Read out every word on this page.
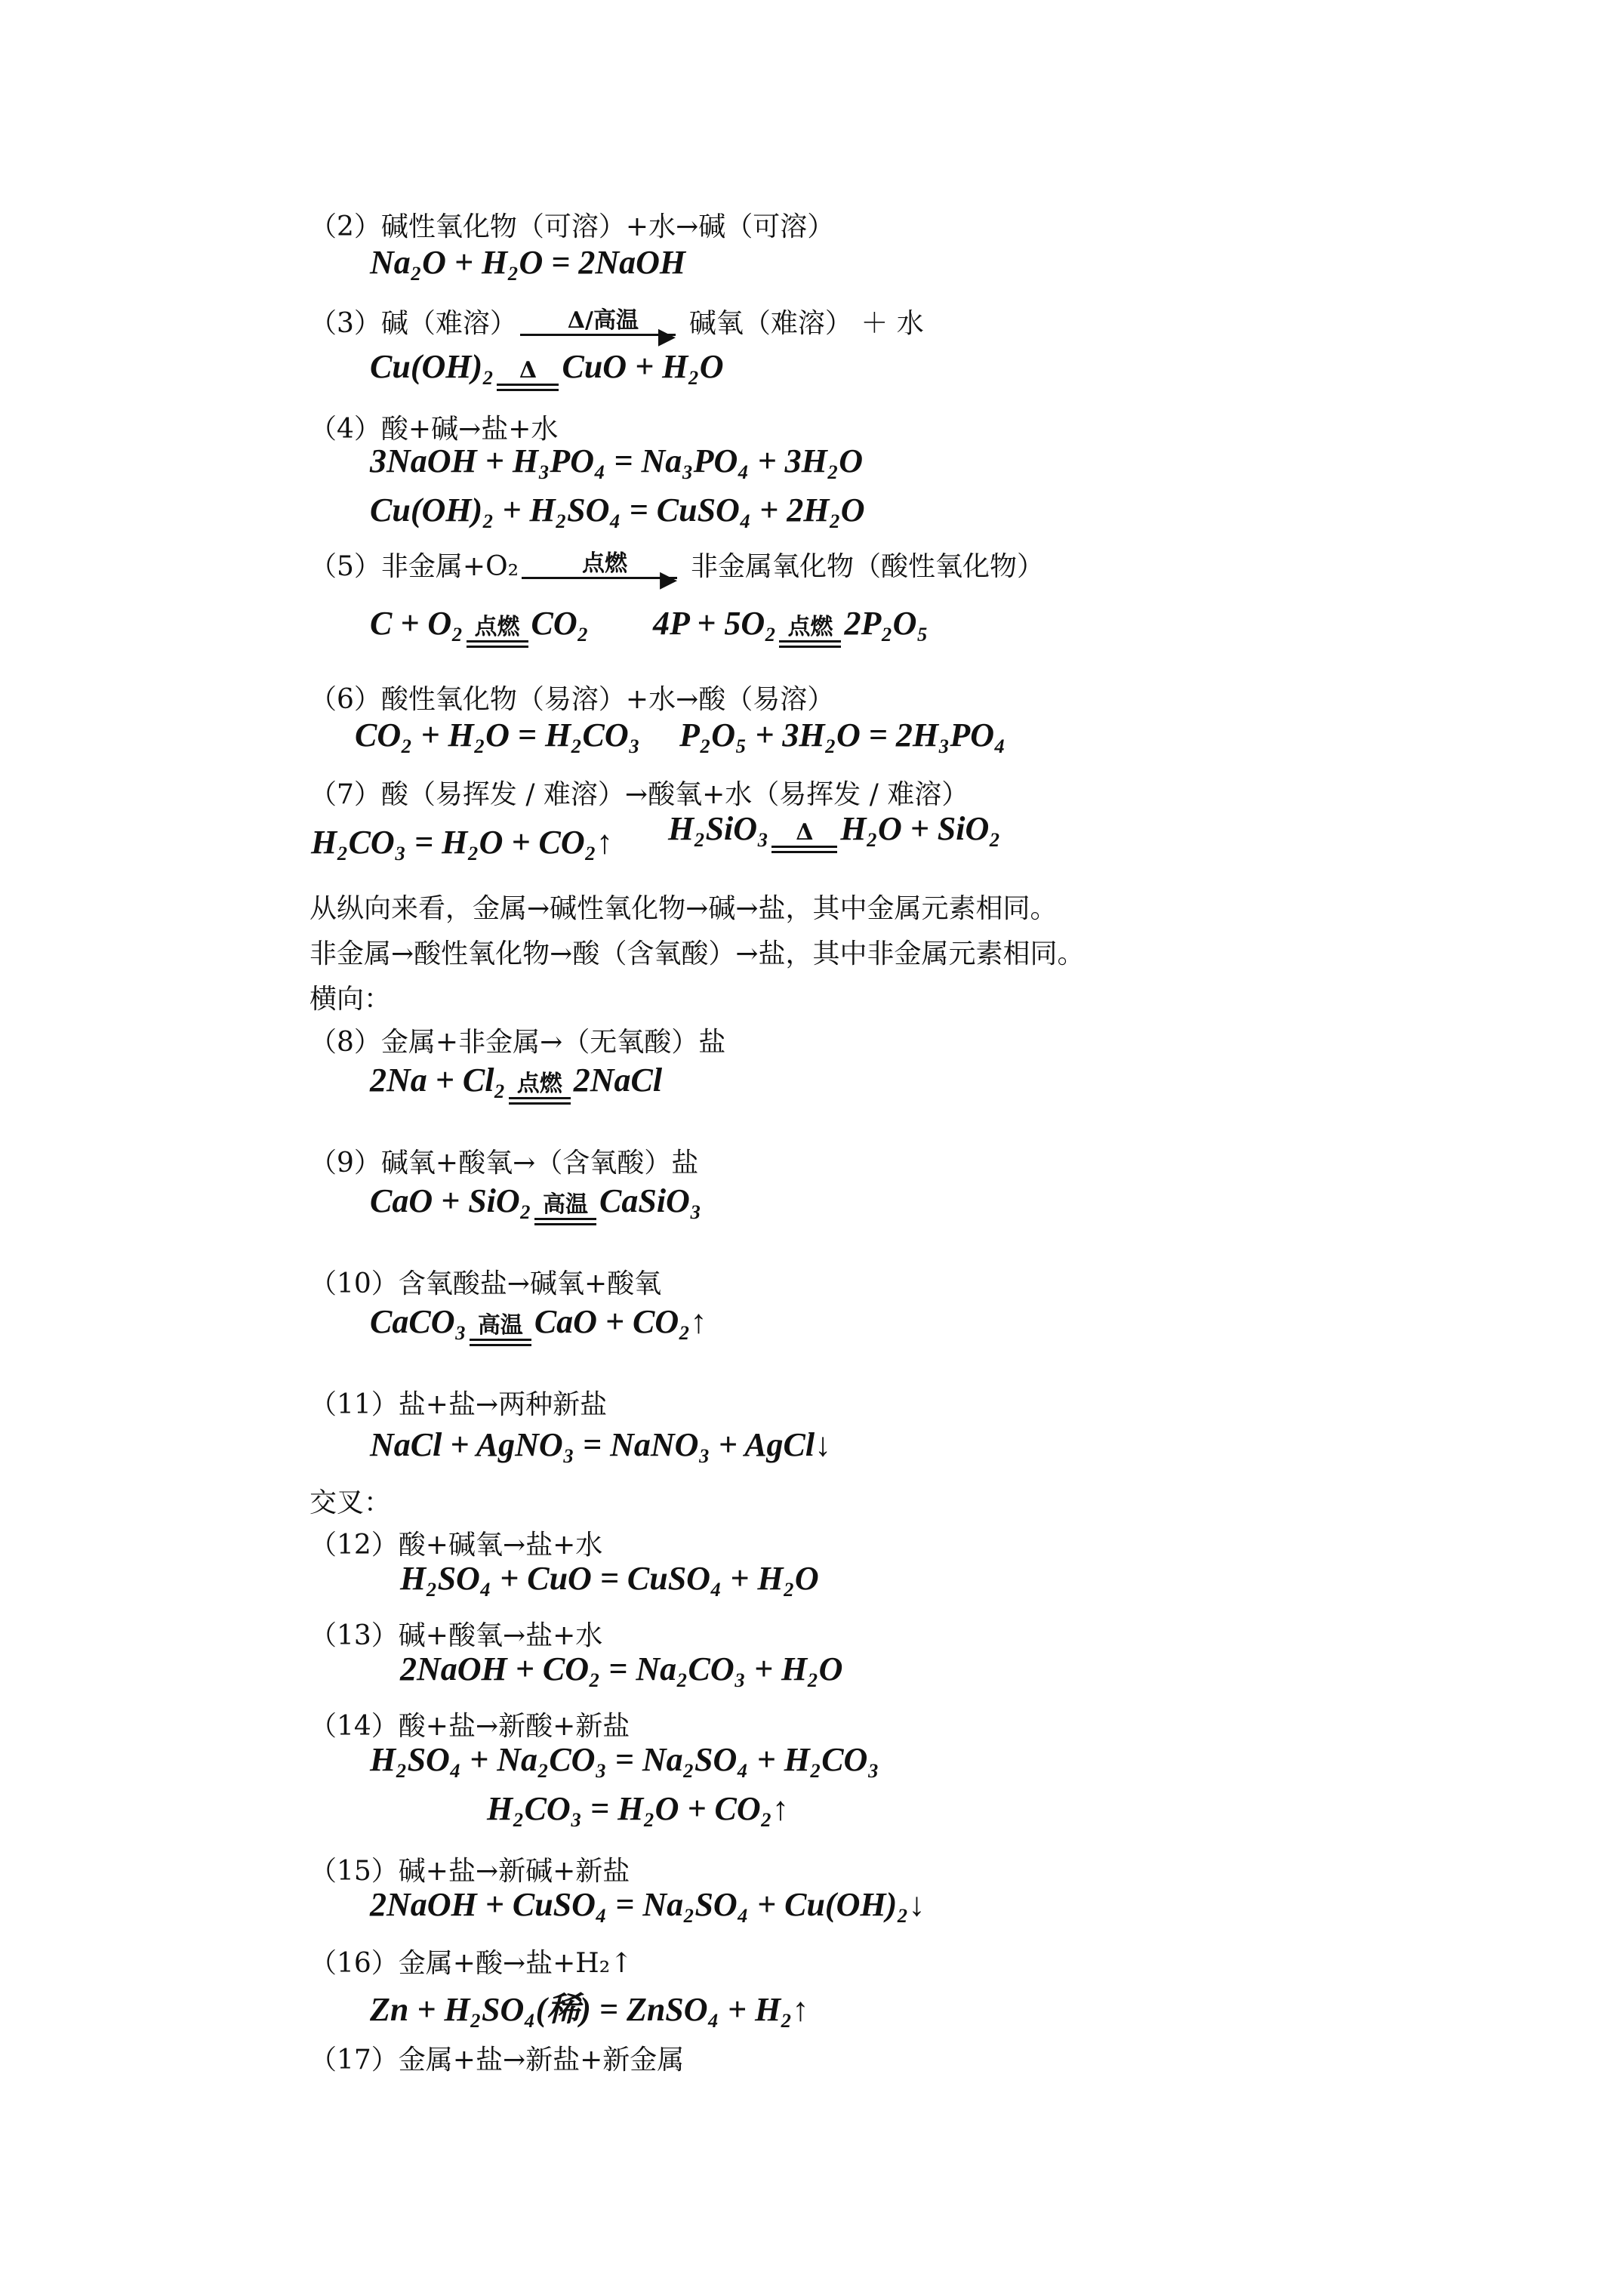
（2）碱性氧化物（可溶）+水→碱（可溶）
Na₂O + H₂O = 2NaOH
（3）碱（难溶）	Δ/高温
▶ 碱氧（难溶） ＋ 水
Cu(OH)₂	Δ CuO + H₂O
（4）酸+碱→盐+水
3NaOH + H₃PO₄ = Na₃PO₄ + 3H₂O
Cu(OH)₂ + H₂SO₄ = CuSO₄ + 2H₂O
（5）非金属+O₂	点燃
▶ 非金属氧化物（酸性氧化物）
C + O₂ 点燃 CO₂ 4P + 5O₂ 点燃 2P₂O₅
（6）酸性氧化物（易溶）+水→酸（易溶）
CO₂ + H₂O = H₂CO₃ P₂O₅ + 3H₂O = 2H₃PO₄
（7）酸（易挥发 / 难溶）→酸氧+水（易挥发 / 难溶）
H₂CO₃ = H₂O + CO₂↑ H₂SiO₃	Δ H₂O + SiO₂
从纵向来看，金属→碱性氧化物→碱→盐，其中金属元素相同。
非金属→酸性氧化物→酸（含氧酸）→盐，其中非金属元素相同。
横向：
（8）金属+非金属→（无氧酸）盐
2Na + Cl₂ 点燃 2NaCl
（9）碱氧+酸氧→（含氧酸）盐
CaO + SiO₂ 高温 CaSiO₃
（10）含氧酸盐→碱氧+酸氧
CaCO₃ 高温 CaO + CO₂↑
（11）盐+盐→两种新盐
NaCl + AgNO₃ = NaNO₃ + AgCl↓
交叉：
（12）酸+碱氧→盐+水
H₂SO₄ + CuO = CuSO₄ + H₂O
（13）碱+酸氧→盐+水
2NaOH + CO₂ = Na₂CO₃ + H₂O
（14）酸+盐→新酸+新盐
H₂SO₄ + Na₂CO₃ = Na₂SO₄ + H₂CO₃
H₂CO₃ = H₂O + CO₂↑
（15）碱+盐→新碱+新盐
2NaOH + CuSO₄ = Na₂SO₄ + Cu(OH)₂↓
（16）金属+酸→盐+H₂↑
Zn + H₂SO₄(稀) = ZnSO₄ + H₂↑
（17）金属+盐→新盐+新金属
